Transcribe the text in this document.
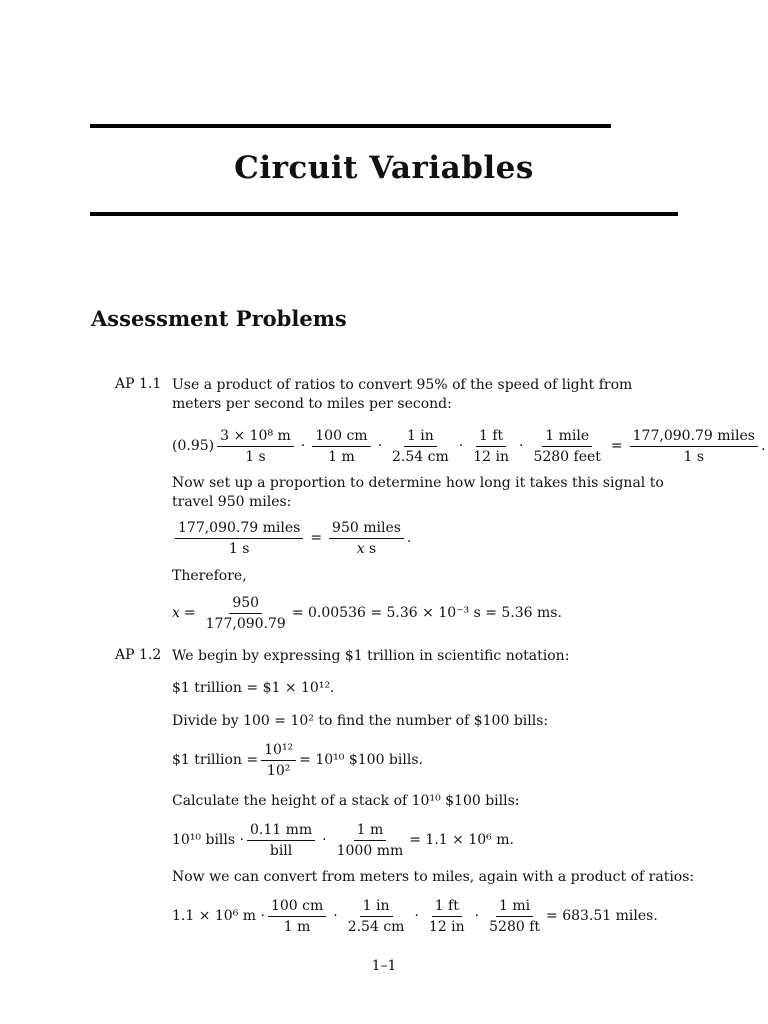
Circuit Variables
Assessment Problems
AP 1.1 Use a product of ratios to convert 95% of the speed of light from meters per second to miles per second:
$(0.95) \frac{\text{3 × 10⁸ m}}{1 s} \cdot \frac{100 cm}{1 m} \cdot \frac{1 in}{2.54 cm} \cdot \frac{1 ft}{12 in} \cdot \frac{\text{1 mile}}{\text{5280 feet}} = \frac{\text{177,090.79 miles}}{1 s}$ .
Now set up a proportion to determine how long it takes this signal to travel 950 miles:
$\frac{\text{177,090.79 miles}}{1 s} = \frac{\text{950 miles}}{\text{x s}}$ .
Therefore,
$x = \frac{950}{177,090.79} = 0.00536 = 5.36 \times 10^{-3}$ s = 5.36 ms.
AP 1.2 We begin by expressing $1 trillion in scientific notation:
$1 trillion = $1 × 10¹².
Divide by 100 = 10² to find the number of $100 bills:
$1 trillion = $\frac{\text{10¹²}}{\text{10²}} = 10^{10}$ $100 bills.
Calculate the height of a stack of 10¹⁰ $100 bills:
10¹⁰ bills · $\frac{0.11 mm}{\text{bill}} \cdot \frac{1 m}{1000 mm} = 1.1 \times 10^6$ m.
Now we can convert from meters to miles, again with a product of ratios:
1.1 × 10⁶ $m \cdot \frac{100 cm}{1 m} \cdot \frac{1 in}{2.54 cm} \cdot \frac{1 ft}{12 in} \cdot \frac{1 mi}{5280 ft} = 683.51$ miles.
1–1
